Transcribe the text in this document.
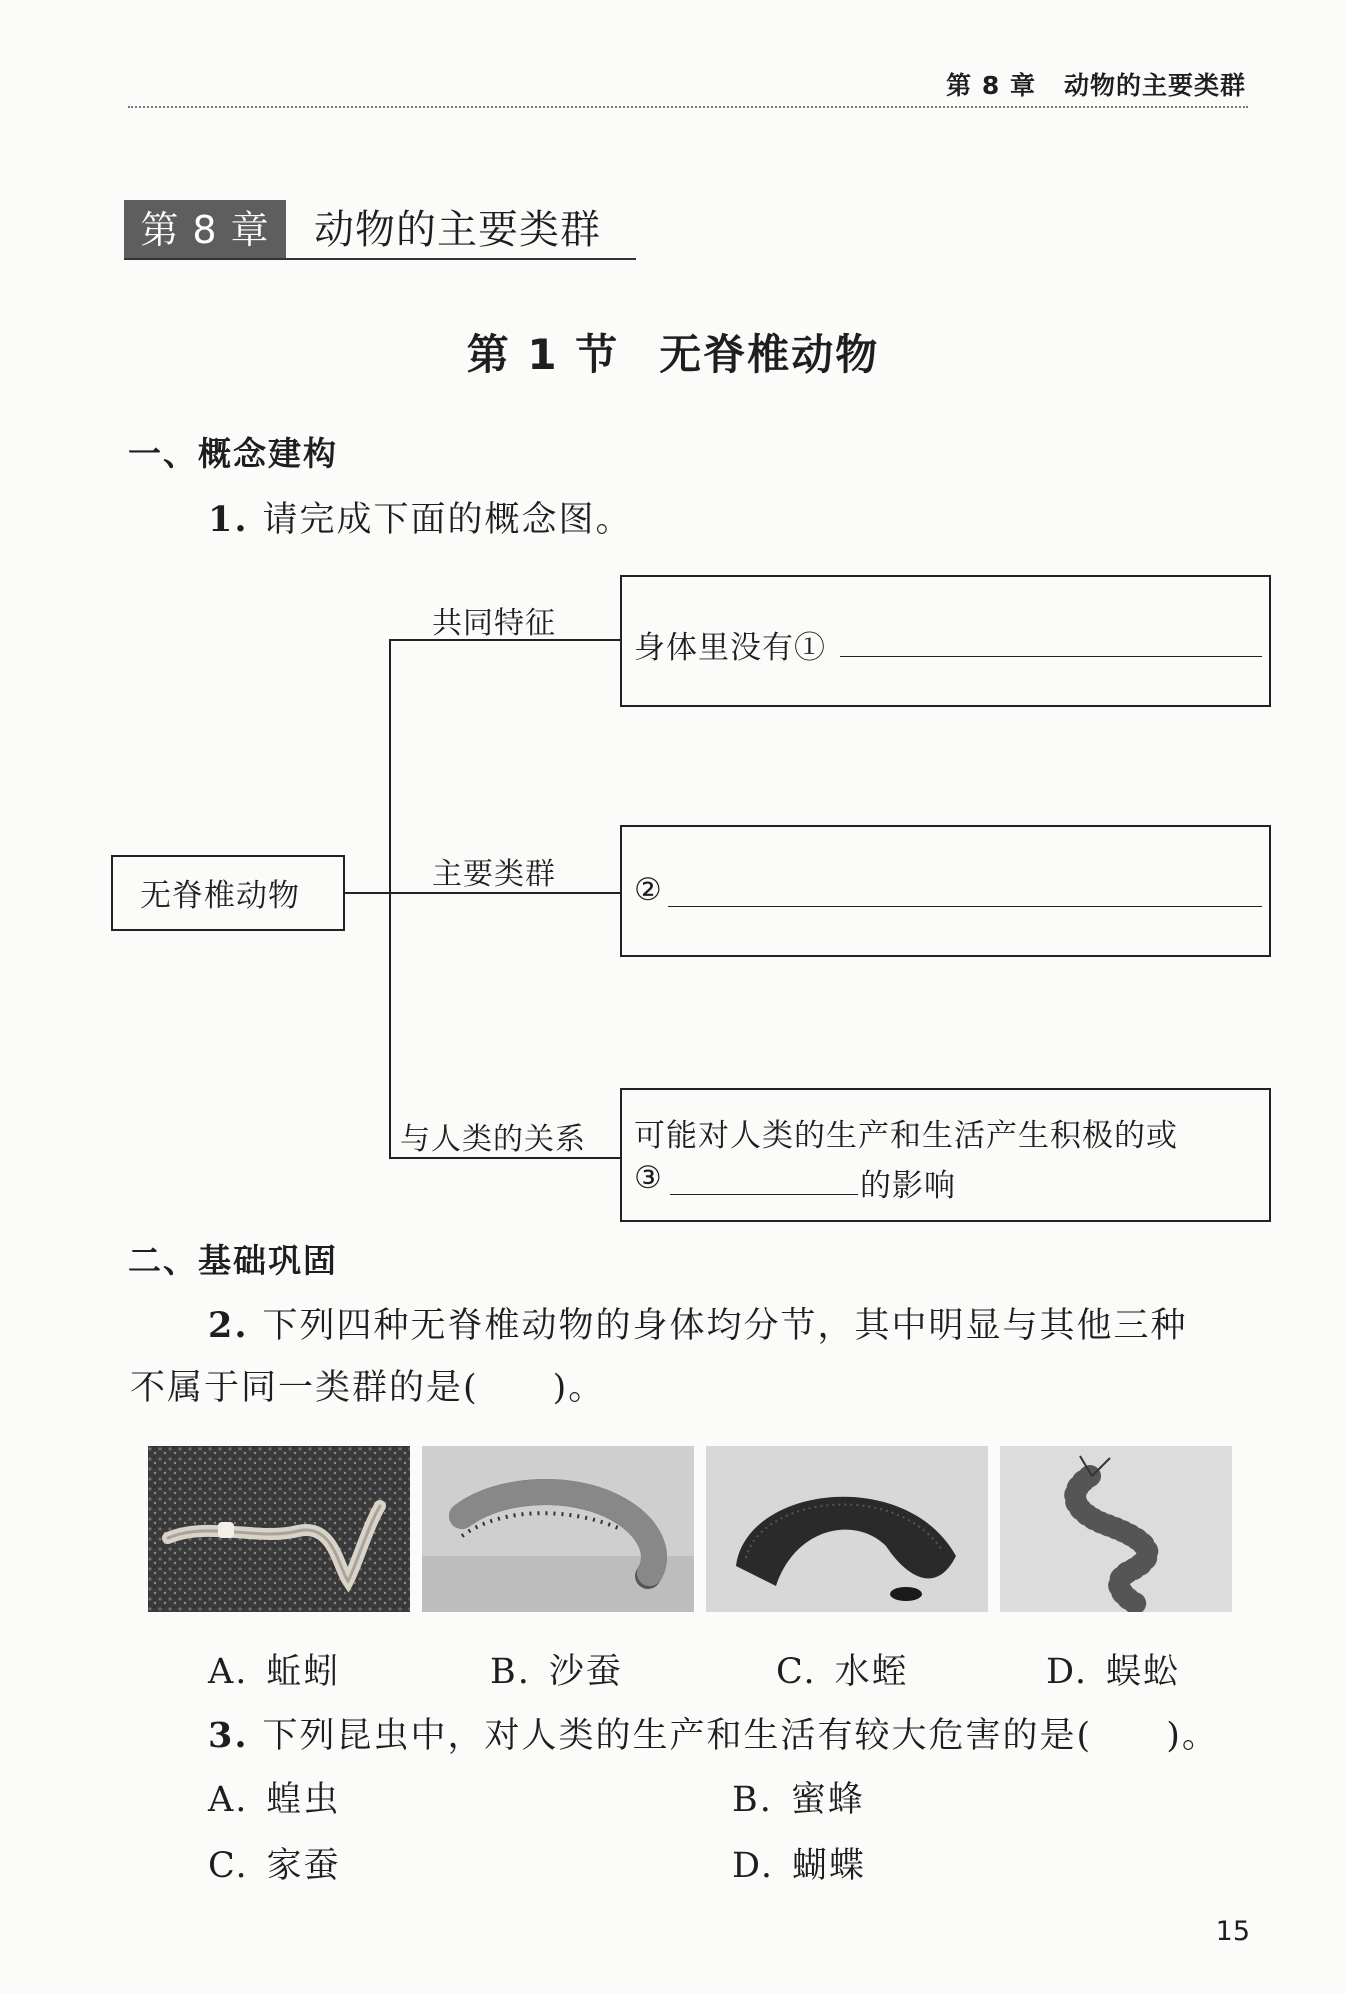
第 8 章 动物的主要类群
第 8 章	动物的主要类群
第 1 节 无脊椎动物
一、概念建构
1. 请完成下面的概念图。
无脊椎动物
共同特征
身体里没有①
主要类群	②
与人类的关系 可能对人类的生产和生活产生积极的或
③	的影响
二、基础巩固
2. 下列四种无脊椎动物的身体均分节，其中明显与其他三种
不属于同一类群的是(　　)。
A. 蚯蚓	B. 沙蚕	C. 水蛭	D. 蜈蚣
3. 下列昆虫中，对人类的生产和生活有较大危害的是(　　)。
A. 蝗虫	B. 蜜蜂
C. 家蚕	D. 蝴蝶
15
